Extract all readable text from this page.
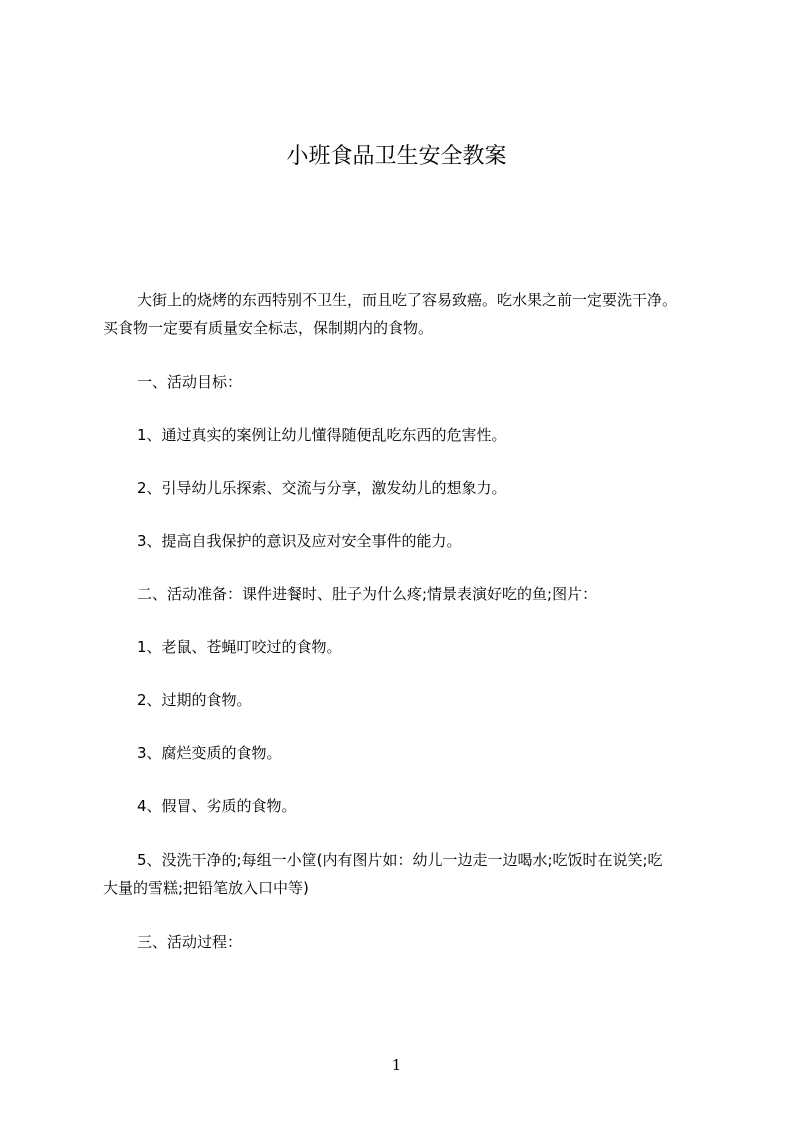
小班食品卫生安全教案
大街上的烧烤的东西特别不卫生，而且吃了容易致癌。吃水果之前一定要洗干净。
买食物一定要有质量安全标志，保制期内的食物。
一、活动目标：
1、通过真实的案例让幼儿懂得随便乱吃东西的危害性。
2、引导幼儿乐探索、交流与分享，激发幼儿的想象力。
3、提高自我保护的意识及应对安全事件的能力。
二、活动准备：课件进餐时、肚子为什么疼;情景表演好吃的鱼;图片：
1、老鼠、苍蝇叮咬过的食物。
2、过期的食物。
3、腐烂变质的食物。
4、假冒、劣质的食物。
5、没洗干净的;每组一小筐(内有图片如：幼儿一边走一边喝水;吃饭时在说笑;吃
大量的雪糕;把铅笔放入口中等)
三、活动过程：
1
